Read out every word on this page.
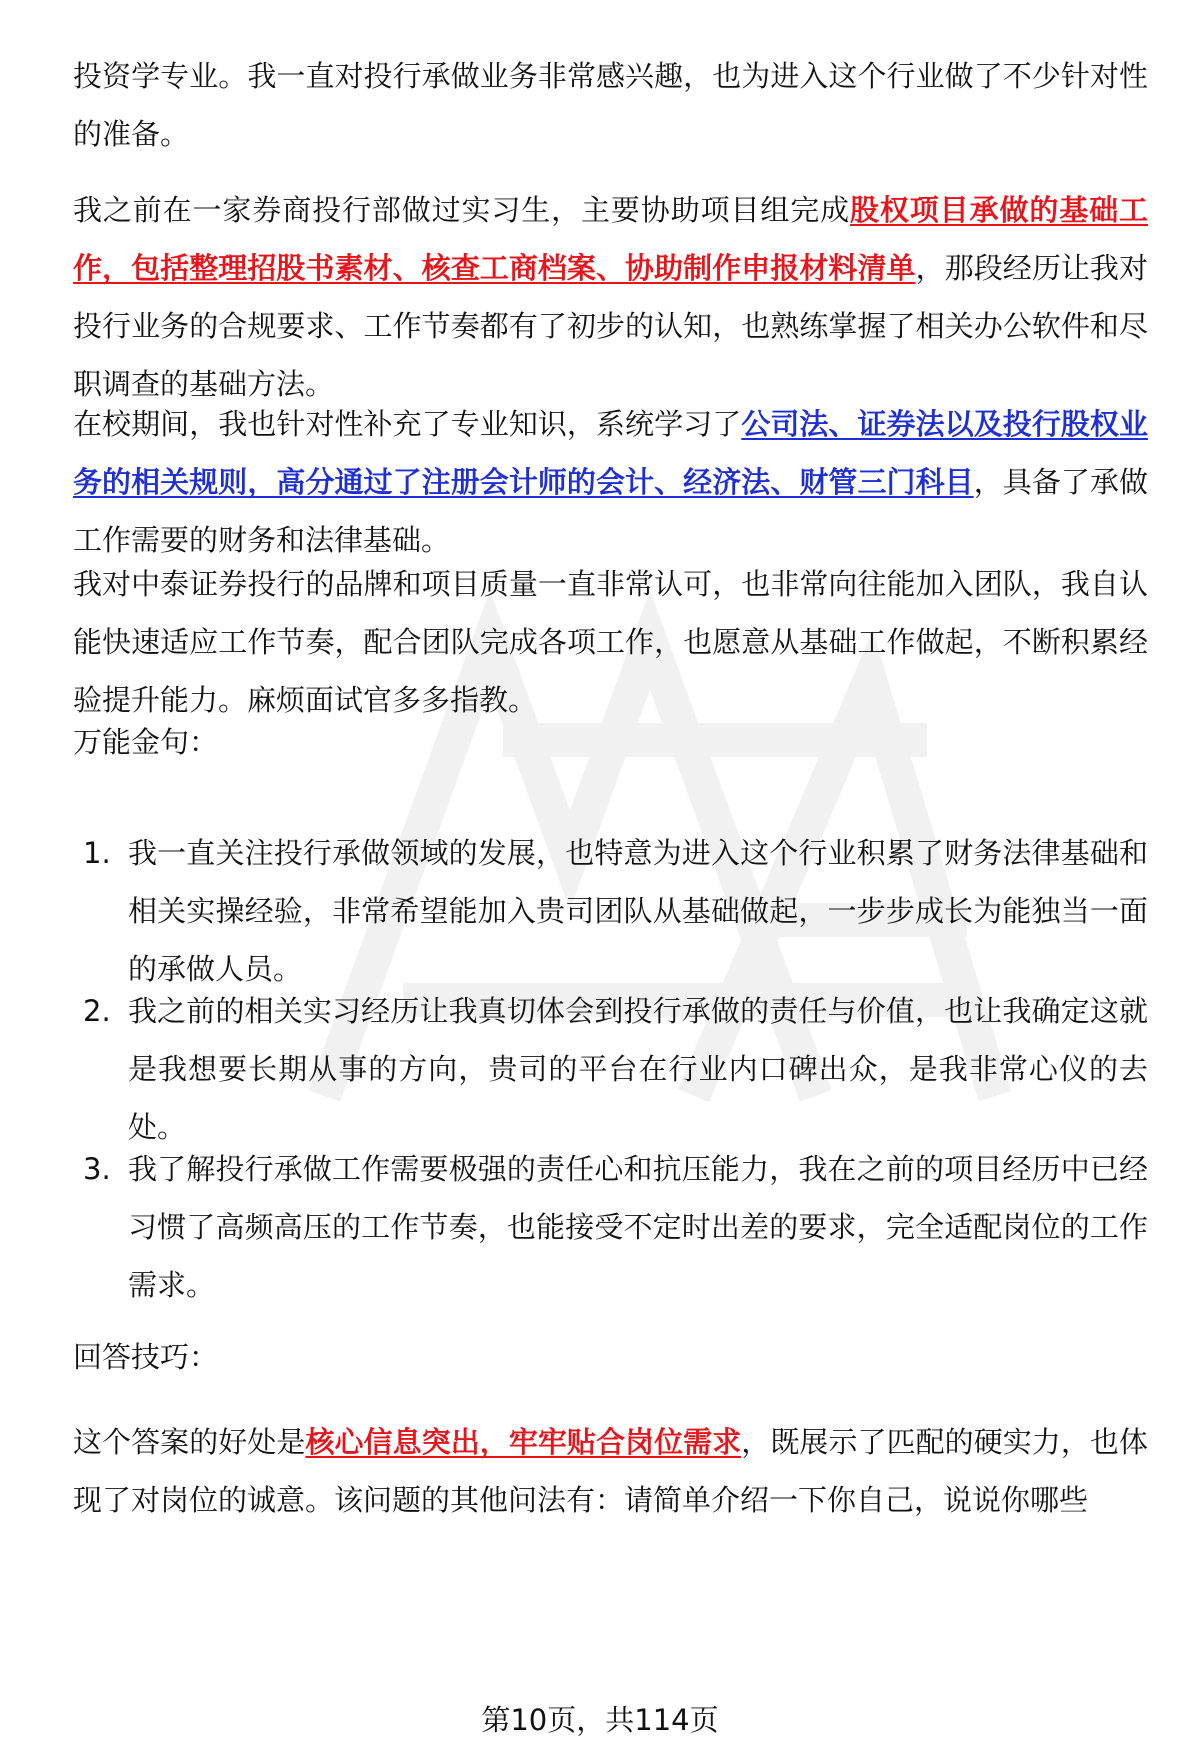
投资学专业。我一直对投行承做业务非常感兴趣，也为进入这个行业做了不少针对性的准备。
我之前在一家券商投行部做过实习生，主要协助项目组完成股权项目承做的基础工作，包括整理招股书素材、核查工商档案、协助制作申报材料清单，那段经历让我对投行业务的合规要求、工作节奏都有了初步的认知，也熟练掌握了相关办公软件和尽职调查的基础方法。
在校期间，我也针对性补充了专业知识，系统学习了公司法、证券法以及投行股权业务的相关规则，高分通过了注册会计师的会计、经济法、财管三门科目，具备了承做工作需要的财务和法律基础。
我对中泰证券投行的品牌和项目质量一直非常认可，也非常向往能加入团队，我自认能快速适应工作节奏，配合团队完成各项工作，也愿意从基础工作做起，不断积累经验提升能力。麻烦面试官多多指教。
万能金句：
1. 我一直关注投行承做领域的发展，也特意为进入这个行业积累了财务法律基础和相关实操经验，非常希望能加入贵司团队从基础做起，一步步成长为能独当一面的承做人员。
2. 我之前的相关实习经历让我真切体会到投行承做的责任与价值，也让我确定这就是我想要长期从事的方向，贵司的平台在行业内口碑出众，是我非常心仪的去处。
3. 我了解投行承做工作需要极强的责任心和抗压能力，我在之前的项目经历中已经习惯了高频高压的工作节奏，也能接受不定时出差的要求，完全适配岗位的工作需求。
回答技巧：
这个答案的好处是核心信息突出，牢牢贴合岗位需求，既展示了匹配的硬实力，也体现了对岗位的诚意。该问题的其他问法有：请简单介绍一下你自己，说说你哪些
第10页，共114页
